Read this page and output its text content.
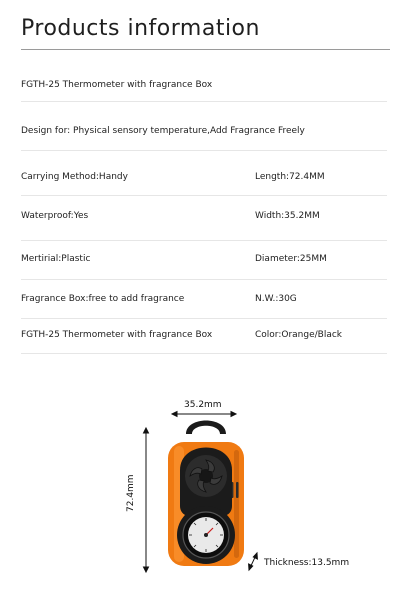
Products information
FGTH-25 Thermometer with fragrance Box
Design for: Physical sensory temperature,Add Fragrance Freely
Carrying Method:Handy	Length:72.4MM
Waterproof:Yes	Width:35.2MM
Mertirial:Plastic	Diameter:25MM
Fragrance Box:free to add fragrance	N.W.:30G
FGTH-25 Thermometer with fragrance Box	Color:Orange/Black
35.2mm
72.4mm
Thickness:13.5mm
